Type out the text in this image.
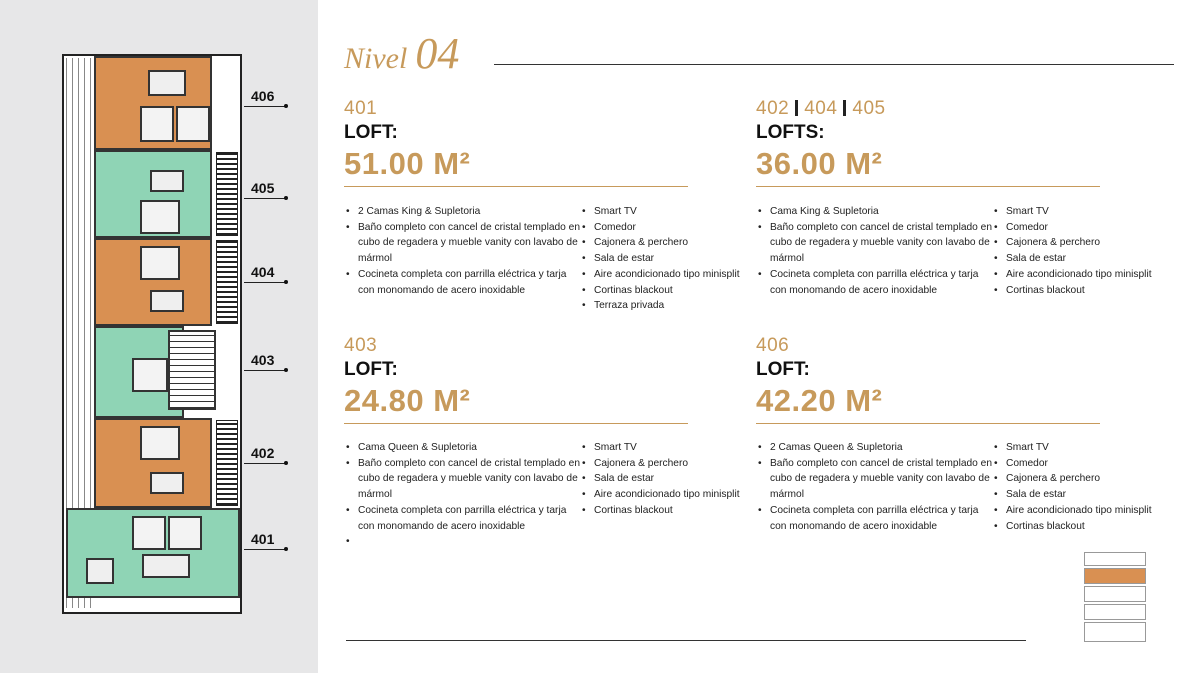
406
405
404
403
402
401
Nivel 04
401
LOFT:
51.00 M²
• 2 Camas King & Supletoria
• Baño completo con cancel de cristal templado en cubo de regadera y mueble vanity con lavabo de mármol
• Cocineta completa con parrilla eléctrica y tarja con monomando de acero inoxidable
• Smart TV
• Comedor
• Cajonera & perchero
• Sala de estar
• Aire acondicionado tipo minisplit
• Cortinas blackout
• Terraza privada
402 404 405
LOFTS:
36.00 M²
• Cama King & Supletoria
• Baño completo con cancel de cristal templado en cubo de regadera y mueble vanity con lavabo de mármol
• Cocineta completa con parrilla eléctrica y tarja con monomando de acero inoxidable
• Smart TV
• Comedor
• Cajonera & perchero
• Sala de estar
• Aire acondicionado tipo minisplit
• Cortinas blackout
403
LOFT:
24.80 M²
• Cama Queen & Supletoria
• Baño completo con cancel de cristal templado en cubo de regadera y mueble vanity con lavabo de mármol
• Cocineta completa con parrilla eléctrica y tarja con monomando de acero inoxidable
• Smart TV
• Cajonera & perchero
• Sala de estar
• Aire acondicionado tipo minisplit
• Cortinas blackout
406
LOFT:
42.20 M²
• 2 Camas Queen & Supletoria
• Baño completo con cancel de cristal templado en cubo de regadera y mueble vanity con lavabo de mármol
• Cocineta completa con parrilla eléctrica y tarja con monomando de acero inoxidable
• Smart TV
• Comedor
• Cajonera & perchero
• Sala de estar
• Aire acondicionado tipo minisplit
• Cortinas blackout
